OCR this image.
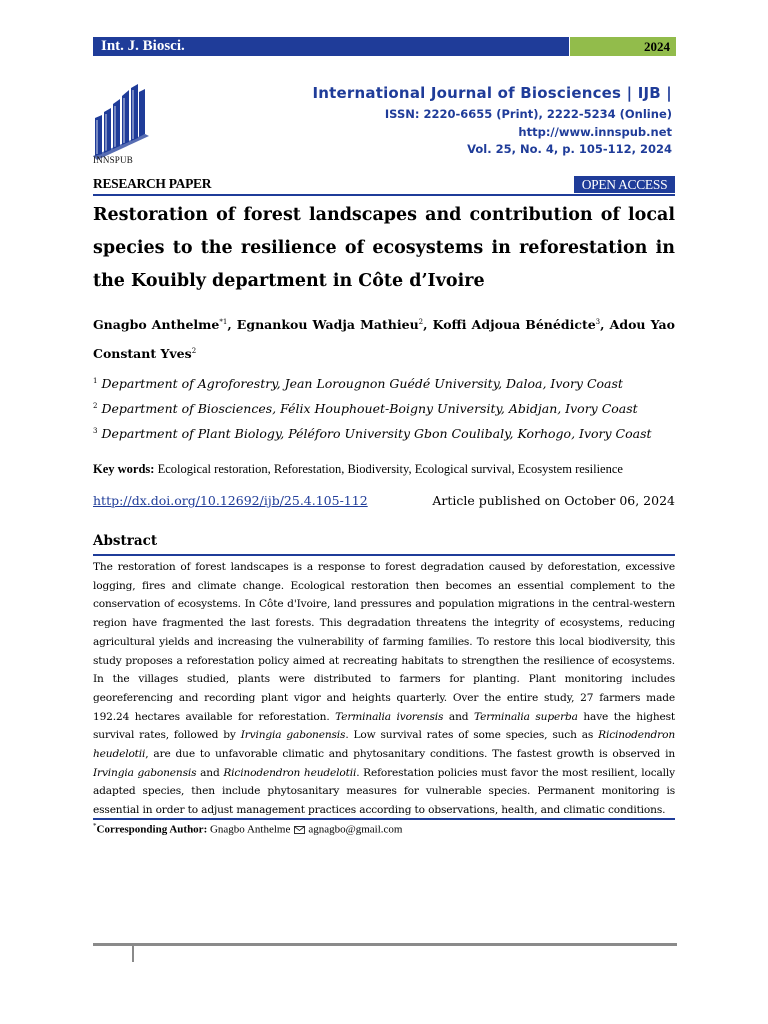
Int. J. Biosci.	2024
INNSPUB
International Journal of Biosciences | IJB |
ISSN: 2220-6655 (Print), 2222-5234 (Online)
http://www.innspub.net
Vol. 25, No. 4, p. 105-112, 2024
RESEARCH PAPER	OPEN ACCESS
Restoration of forest landscapes and contribution of local species to the resilience of ecosystems in reforestation in the Kouibly department in Côte d’Ivoire
Gnagbo Anthelme$^{*1}$, Egnankou Wadja Mathieu$^2$, Koffi Adjoua Bénédicte$^3$, Adou Yao Constant Yves$^2$
$^1$ Department of Agroforestry, Jean Lorougnon Guédé University, Daloa, Ivory Coast
$^2$ Department of Biosciences, Félix Houphouet-Boigny University, Abidjan, Ivory Coast
$^3$ Department of Plant Biology, Péléforo University Gbon Coulibaly, Korhogo, Ivory Coast
Key words: Ecological restoration, Reforestation, Biodiversity, Ecological survival, Ecosystem resilience
http://dx.doi.org/10.12692/ijb/25.4.105-112	Article published on October 06, 2024
Abstract
The restoration of forest landscapes is a response to forest degradation caused by deforestation, excessive logging, fires and climate change. Ecological restoration then becomes an essential complement to the conservation of ecosystems. In Côte d'Ivoire, land pressures and population migrations in the central-western region have fragmented the last forests. This degradation threatens the integrity of ecosystems, reducing agricultural yields and increasing the vulnerability of farming families. To restore this local biodiversity, this study proposes a reforestation policy aimed at recreating habitats to strengthen the resilience of ecosystems. In the villages studied, plants were distributed to farmers for planting. Plant monitoring includes georeferencing and recording plant vigor and heights quarterly. Over the entire study, 27 farmers made 192.24 hectares available for reforestation. Terminalia ivorensis and Terminalia superba have the highest survival rates, followed by Irvingia gabonensis. Low survival rates of some species, such as Ricinodendron heudelotii, are due to unfavorable climatic and phytosanitary conditions. The fastest growth is observed in Irvingia gabonensis and Ricinodendron heudelotii. Reforestation policies must favor the most resilient, locally adapted species, then include phytosanitary measures for vulnerable species. Permanent monitoring is essential in order to adjust management practices according to observations, health, and climatic conditions.
*Corresponding Author: Gnagbo Anthelme agnagbo@gmail.com
